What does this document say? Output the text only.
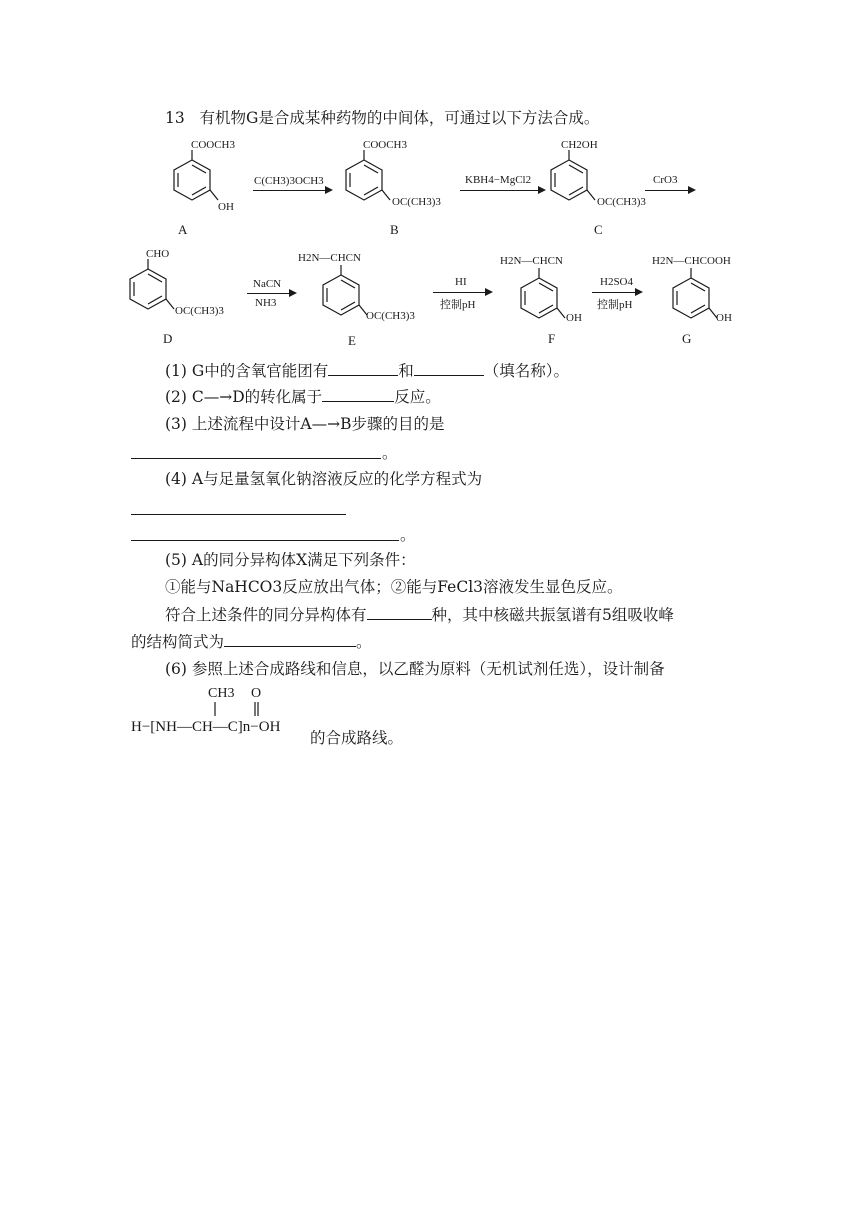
13 有机物G是合成某种药物的中间体，可通过以下方法合成。
COOCH3
OH
A
C(CH3)3OCH3
COOCH3
OC(CH3)3
B
KBH4−MgCl2
CH2OH
OC(CH3)3
C
CrO3
CHO
OC(CH3)3
D
NaCN
NH3
H2N—CHCN
OC(CH3)3
E
HI
控制pH
H2N—CHCN
OH
F
H2SO4
控制pH
H2N—CHCOOH
OH
G
(1) G中的含氧官能团有	和	（填名称）。
(2) C—→D的转化属于	反应。
(3) 上述流程中设计A—→B步骤的目的是
。
(4) A与足量氢氧化钠溶液反应的化学方程式为
。
(5) A的同分异构体X满足下列条件：
①能与NaHCO3反应放出气体；②能与FeCl3溶液发生显色反应。
符合上述条件的同分异构体有	种，其中核磁共振氢谱有5组吸收峰
的结构简式为	。
(6) 参照上述合成路线和信息，以乙醛为原料（无机试剂任选），设计制备
CH3 O
H−[NH—CH—C]n−OH
的合成路线。
